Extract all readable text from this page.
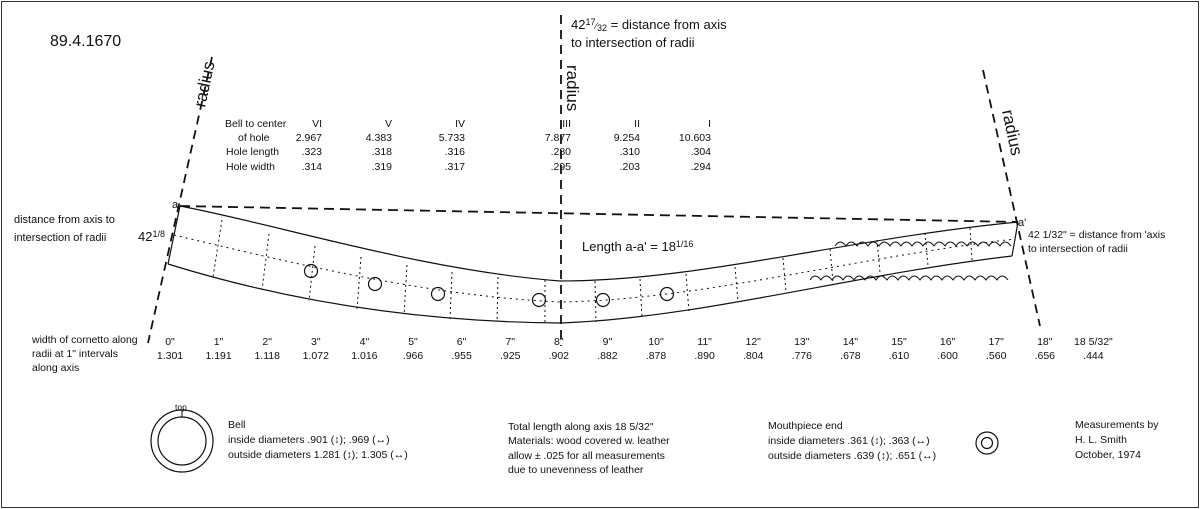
89.4.1670
$42^{17}_⁄32$ = distance from axis
to intersection of radii
radius	radius
radius
a
a'
Length $a-a' = 18^{1/16}$
distance from axis to
intersection of radii $42^{1/8}$	42 1/32" = distance from 'axis
to intersection of radii
Bell to center
of hole
Hole length
Hole width
VI
2.967
.323
.314
V
4.383
.318
.319
IV
5.733
.316
.317
III
7.877
.280
.295
II
9.254
.310
.203
I
10.603
.304
.294
width of cornetto along
radii at 1" intervals
along axis
0"
1.301
1"
1.191
2"
1.118
3"
1.072
4"
1.016
5"
.966
6"
.955
7"
.925
8"
.902
9"
.882
10"
.878
11"
.890
12"
.804
13"
.776
14"
.678
15"
.610
16"
.600
17"
.560
18"
.656
18 5/32"
.444
top
Bell
inside diameters .901 (↕); .969 (↔)
outside diameters 1.281 (↕); 1.305 (↔)
Total length along axis 18 5/32"
Materials: wood covered w. leather
allow ± .025 for all measurements
due to unevenness of leather
Mouthpiece end
inside diameters .361 (↕); .363 (↔)
outside diameters .639 (↕); .651 (↔)
Measurements by
H. L. Smith
October, 1974
